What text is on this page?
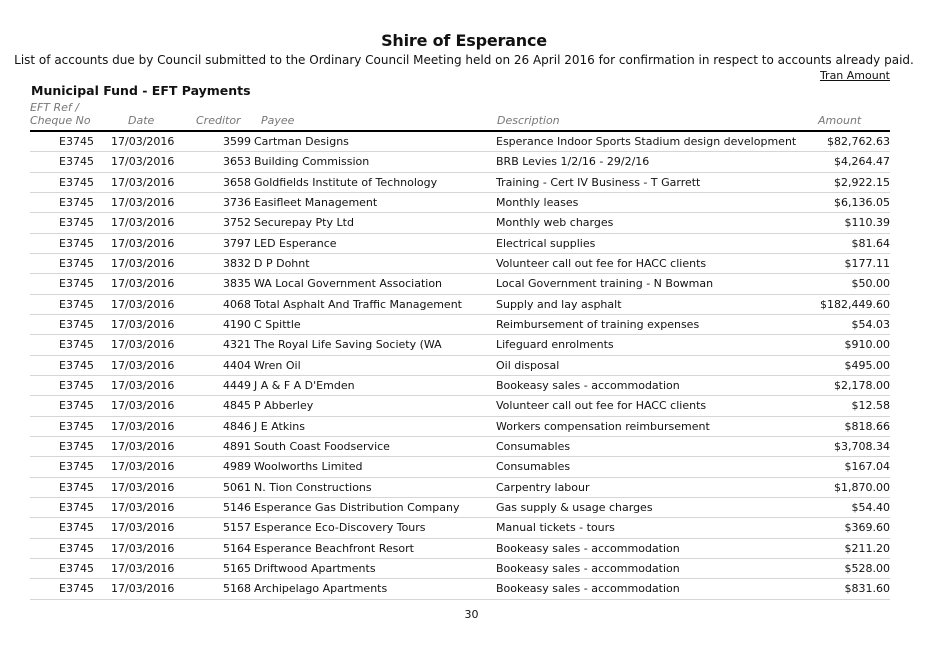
Shire of Esperance
List of accounts due by Council submitted to the Ordinary Council Meeting held on 26 April 2016 for confirmation in respect to accounts already paid.
Tran Amount
Municipal Fund - EFT Payments
EFT Ref / Cheque No	Date	Creditor Payee	Description	Amount
E3745 17/03/2016	3599 Cartman Designs	Esperance Indoor Sports Stadium design development	$82,762.63
E3745 17/03/2016	3653 Building Commission	BRB Levies 1/2/16 - 29/2/16	$4,264.47
E3745 17/03/2016	3658 Goldfields Institute of Technology	Training - Cert IV Business - T Garrett	$2,922.15
E3745 17/03/2016	3736 Easifleet Management	Monthly leases	$6,136.05
E3745 17/03/2016	3752 Securepay Pty Ltd	Monthly web charges	$110.39
E3745 17/03/2016	3797 LED Esperance	Electrical supplies	$81.64
E3745 17/03/2016	3832 D P Dohnt	Volunteer call out fee for HACC clients	$177.11
E3745 17/03/2016	3835 WA Local Government Association	Local Government training - N Bowman	$50.00
E3745 17/03/2016	4068 Total Asphalt And Traffic Management	Supply and lay asphalt	$182,449.60
E3745 17/03/2016	4190 C Spittle	Reimbursement of training expenses	$54.03
E3745 17/03/2016	4321 The Royal Life Saving Society (WA	Lifeguard enrolments	$910.00
E3745 17/03/2016	4404 Wren Oil	Oil disposal	$495.00
E3745 17/03/2016	4449 J A & F A D'Emden	Bookeasy sales - accommodation	$2,178.00
E3745 17/03/2016	4845 P Abberley	Volunteer call out fee for HACC clients	$12.58
E3745 17/03/2016	4846 J E Atkins	Workers compensation reimbursement	$818.66
E3745 17/03/2016	4891 South Coast Foodservice	Consumables	$3,708.34
E3745 17/03/2016	4989 Woolworths Limited	Consumables	$167.04
E3745 17/03/2016	5061 N. Tion Constructions	Carpentry labour	$1,870.00
E3745 17/03/2016	5146 Esperance Gas Distribution Company	Gas supply & usage charges	$54.40
E3745 17/03/2016	5157 Esperance Eco-Discovery Tours	Manual tickets - tours	$369.60
E3745 17/03/2016	5164 Esperance Beachfront Resort	Bookeasy sales - accommodation	$211.20
E3745 17/03/2016	5165 Driftwood Apartments	Bookeasy sales - accommodation	$528.00
E3745 17/03/2016	5168 Archipelago Apartments	Bookeasy sales - accommodation	$831.60
30
